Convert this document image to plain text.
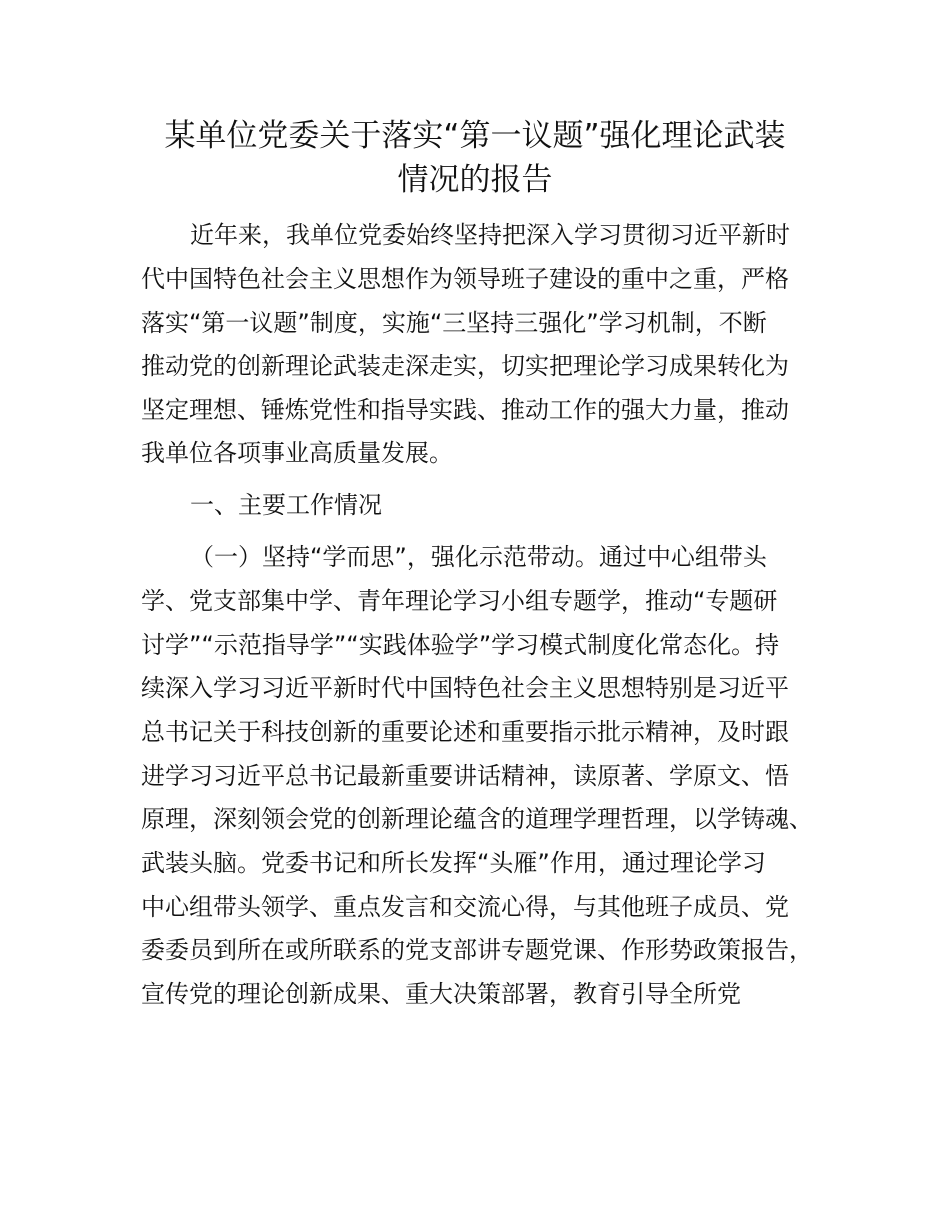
某单位党委关于落实“第一议题”强化理论武装
情况的报告
近年来，我单位党委始终坚持把深入学习贯彻习近平新时
代中国特色社会主义思想作为领导班子建设的重中之重，严格
落实“第一议题”制度，实施“三坚持三强化”学习机制，不断
推动党的创新理论武装走深走实，切实把理论学习成果转化为
坚定理想、锤炼党性和指导实践、推动工作的强大力量，推动
我单位各项事业高质量发展。
一、主要工作情况
（一）坚持“学而思”，强化示范带动。通过中心组带头
学、党支部集中学、青年理论学习小组专题学，推动“专题研
讨学”“示范指导学”“实践体验学”学习模式制度化常态化。持
续深入学习习近平新时代中国特色社会主义思想特别是习近平
总书记关于科技创新的重要论述和重要指示批示精神，及时跟
进学习习近平总书记最新重要讲话精神，读原著、学原文、悟
原理，深刻领会党的创新理论蕴含的道理学理哲理，以学铸魂、
武装头脑。党委书记和所长发挥“头雁”作用，通过理论学习
中心组带头领学、重点发言和交流心得，与其他班子成员、党
委委员到所在或所联系的党支部讲专题党课、作形势政策报告，
宣传党的理论创新成果、重大决策部署，教育引导全所党
